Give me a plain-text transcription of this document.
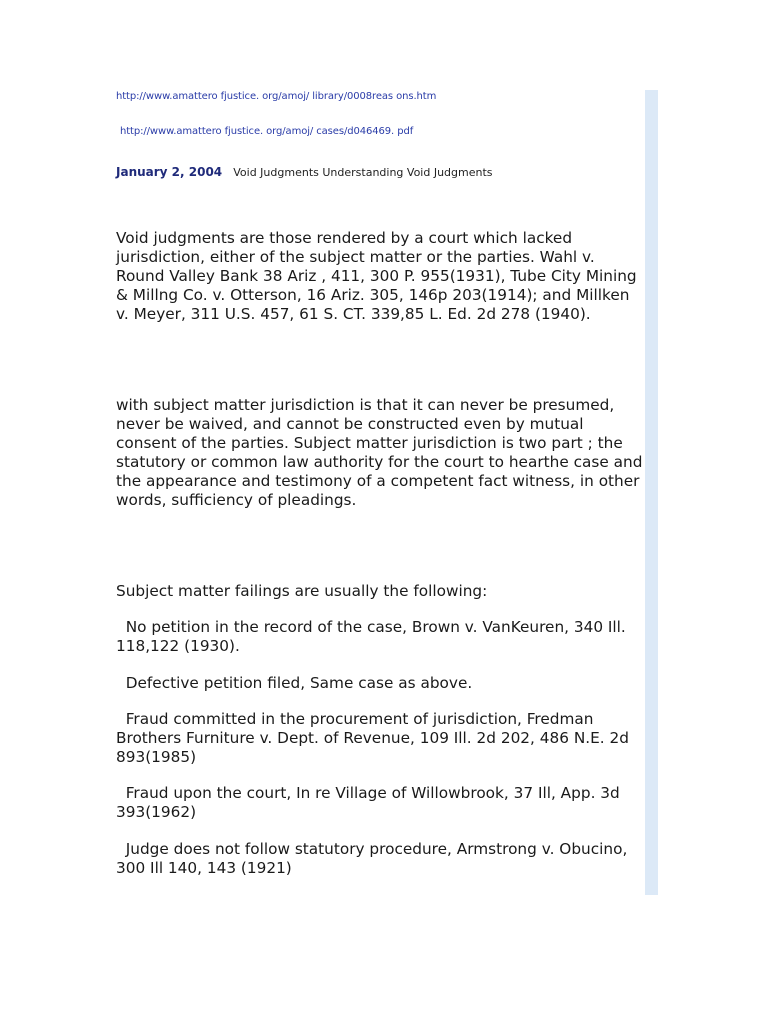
http://www.amattero fjustice. org/amoj/ library/0008reas ons.htm
http://www.amattero fjustice. org/amoj/ cases/d046469. pdf
January 2, 2004 Void Judgments Understanding Void Judgments

Void judgments are those rendered by a court which lacked jurisdiction, either of the subject matter or the parties. Wahl v. Round Valley Bank 38 Ariz , 411, 300 P. 955(1931), Tube City Mining & Millng Co. v. Otterson, 16 Ariz. 305, 146p 203(1914); and Millken v. Meyer, 311 U.S. 457, 61 S. CT. 339,85 L. Ed. 2d 278 (1940).

with subject matter jurisdiction is that it can never be presumed, never be waived, and cannot be constructed even by mutual consent of the parties. Subject matter jurisdiction is two part ; the statutory or common law authority for the court to hearthe case and the appearance and testimony of a competent fact witness, in other words, sufficiency of pleadings.

Subject matter failings are usually the following:

No petition in the record of the case, Brown v. VanKeuren, 340 Ill. 118,122 (1930).

Defective petition filed, Same case as above.

Fraud committed in the procurement of jurisdiction, Fredman Brothers Furniture v. Dept. of Revenue, 109 Ill. 2d 202, 486 N.E. 2d 893(1985)

Fraud upon the court, In re Village of Willowbrook, 37 Ill, App. 3d 393(1962)

Judge does not follow statutory procedure, Armstrong v. Obucino, 300 Ill 140, 143 (1921)
